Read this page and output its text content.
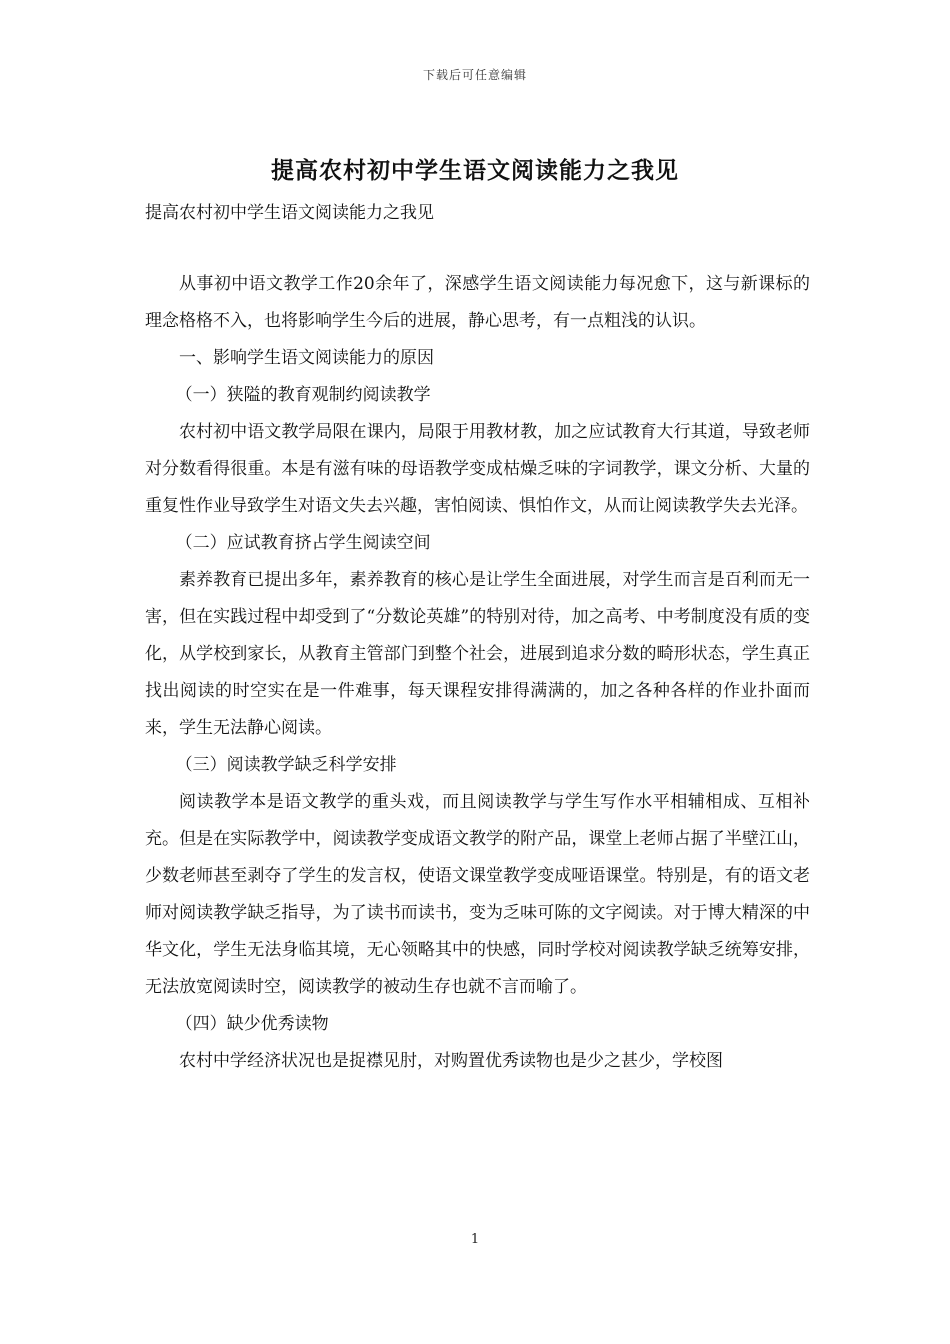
下载后可任意编辑
提高农村初中学生语文阅读能力之我见

提高农村初中学生语文阅读能力之我见

从事初中语文教学工作20余年了，深感学生语文阅读能力每况愈下，这与新课标的理念格格不入，也将影响学生今后的进展，静心思考，有一点粗浅的认识。

一、影响学生语文阅读能力的原因

（一）狭隘的教育观制约阅读教学

农村初中语文教学局限在课内，局限于用教材教，加之应试教育大行其道，导致老师对分数看得很重。本是有滋有味的母语教学变成枯燥乏味的字词教学，课文分析、大量的重复性作业导致学生对语文失去兴趣，害怕阅读、惧怕作文，从而让阅读教学失去光泽。

（二）应试教育挤占学生阅读空间

素养教育已提出多年，素养教育的核心是让学生全面进展，对学生而言是百利而无一害，但在实践过程中却受到了“分数论英雄”的特别对待，加之高考、中考制度没有质的变化，从学校到家长，从教育主管部门到整个社会，进展到追求分数的畸形状态，学生真正找出阅读的时空实在是一件难事，每天课程安排得满满的，加之各种各样的作业扑面而来，学生无法静心阅读。

（三）阅读教学缺乏科学安排

阅读教学本是语文教学的重头戏，而且阅读教学与学生写作水平相辅相成、互相补充。但是在实际教学中，阅读教学变成语文教学的附产品，课堂上老师占据了半壁江山，少数老师甚至剥夺了学生的发言权，使语文课堂教学变成哑语课堂。特别是，有的语文老师对阅读教学缺乏指导，为了读书而读书，变为乏味可陈的文字阅读。对于博大精深的中华文化，学生无法身临其境，无心领略其中的快感，同时学校对阅读教学缺乏统筹安排，无法放宽阅读时空，阅读教学的被动生存也就不言而喻了。

（四）缺少优秀读物

农村中学经济状况也是捉襟见肘，对购置优秀读物也是少之甚少，学校图

1
